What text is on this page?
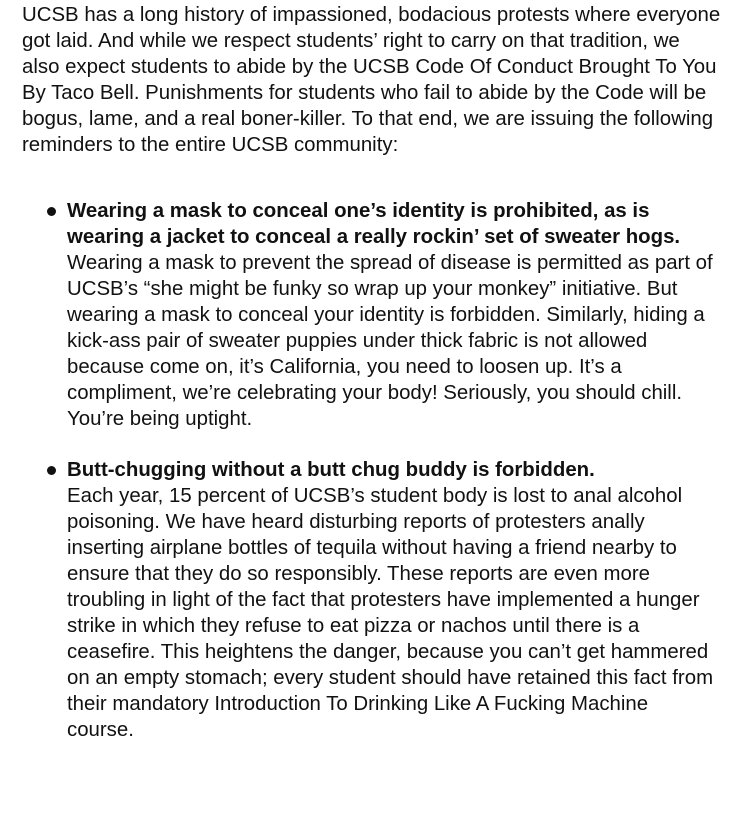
UCSB has a long history of impassioned, bodacious protests where everyone got laid. And while we respect students’ right to carry on that tradition, we also expect students to abide by the UCSB Code Of Conduct Brought To You By Taco Bell. Punishments for students who fail to abide by the Code will be bogus, lame, and a real boner-killer. To that end, we are issuing the following reminders to the entire UCSB community:

Wearing a mask to conceal one’s identity is prohibited, as is wearing a jacket to conceal a really rockin’ set of sweater hogs.
Wearing a mask to prevent the spread of disease is permitted as part of UCSB’s “she might be funky so wrap up your monkey” initiative. But wearing a mask to conceal your identity is forbidden. Similarly, hiding a kick-ass pair of sweater puppies under thick fabric is not allowed because come on, it’s California, you need to loosen up. It’s a compliment, we’re celebrating your body! Seriously, you should chill. You’re being uptight.
Butt-chugging without a butt chug buddy is forbidden.
Each year, 15 percent of UCSB’s student body is lost to anal alcohol poisoning. We have heard disturbing reports of protesters anally inserting airplane bottles of tequila without having a friend nearby to ensure that they do so responsibly. These reports are even more troubling in light of the fact that protesters have implemented a hunger strike in which they refuse to eat pizza or nachos until there is a ceasefire. This heightens the danger, because you can’t get hammered on an empty stomach; every student should have retained this fact from their mandatory Introduction To Drinking Like A Fucking Machine course.
